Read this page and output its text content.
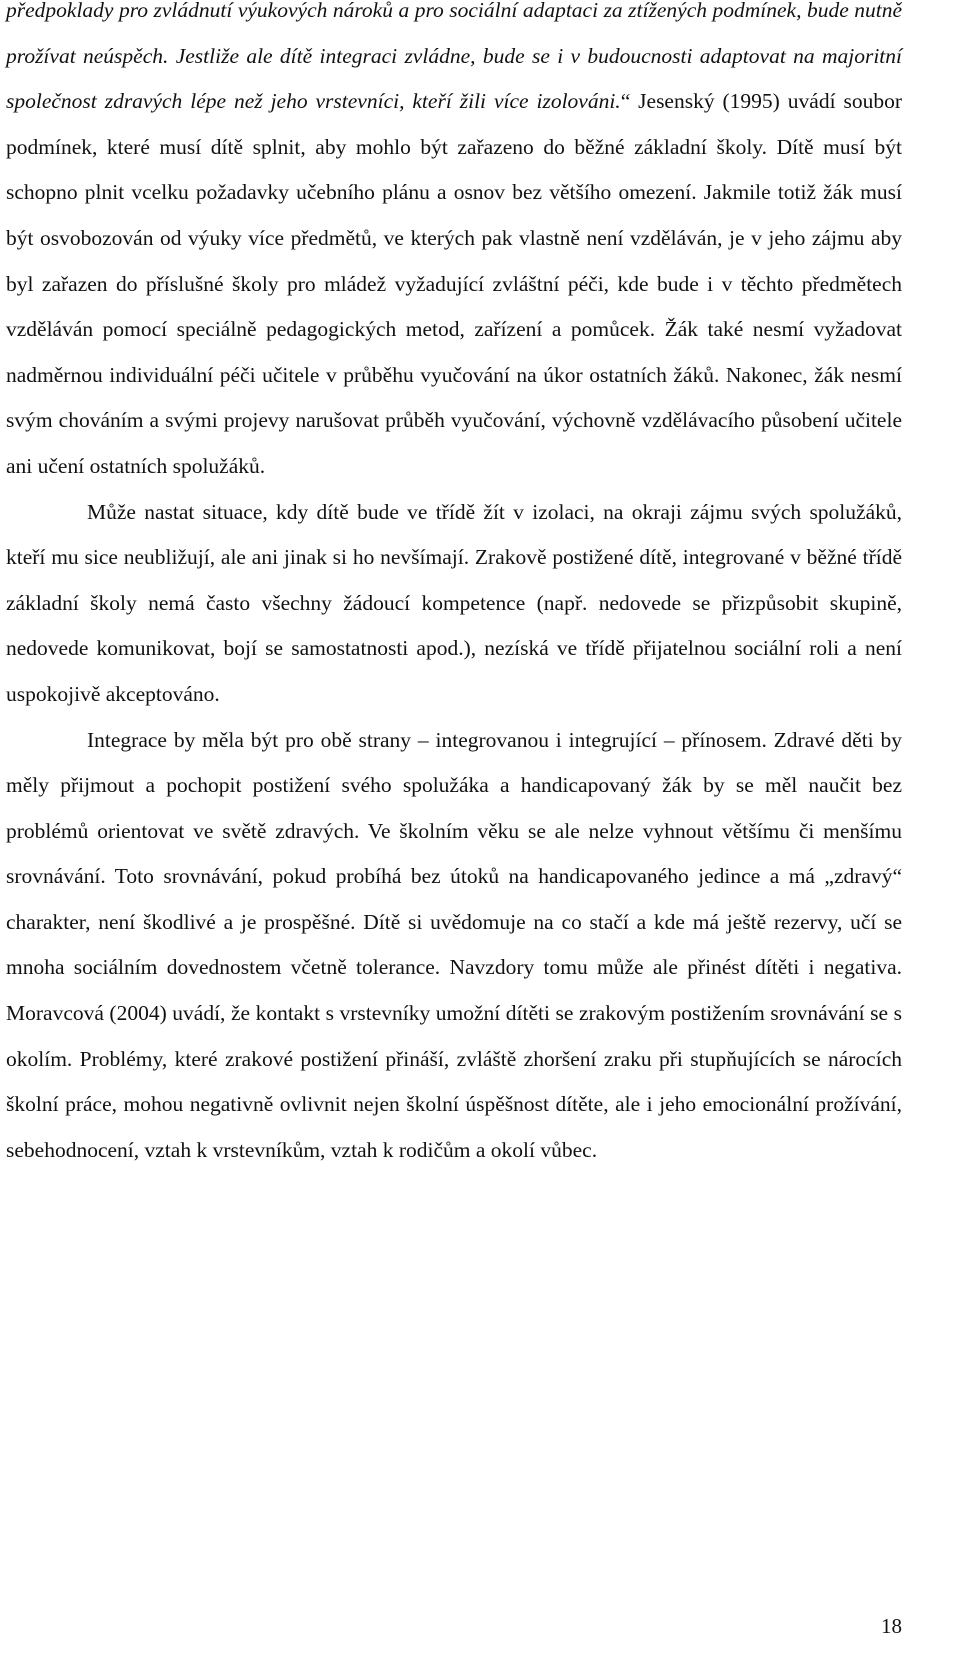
předpoklady pro zvládnutí výukových nároků a pro sociální adaptaci za ztížených podmínek, bude nutně prožívat neúspěch. Jestliže ale dítě integraci zvládne, bude se i v budoucnosti adaptovat na majoritní společnost zdravých lépe než jeho vrstevníci, kteří žili více izolováni.“ Jesenský (1995) uvádí soubor podmínek, které musí dítě splnit, aby mohlo být zařazeno do běžné základní školy. Dítě musí být schopno plnit vcelku požadavky učebního plánu a osnov bez většího omezení. Jakmile totiž žák musí být osvobozován od výuky více předmětů, ve kterých pak vlastně není vzděláván, je v jeho zájmu aby byl zařazen do příslušné školy pro mládež vyžadující zvláštní péči, kde bude i v těchto předmětech vzděláván pomocí speciálně pedagogických metod, zařízení a pomůcek. Žák také nesmí vyžadovat nadměrnou individuální péči učitele v průběhu vyučování na úkor ostatních žáků. Nakonec, žák nesmí svým chováním a svými projevy narušovat průběh vyučování, výchovně vzdělávacího působení učitele ani učení ostatních spolužáků.

Může nastat situace, kdy dítě bude ve třídě žít v izolaci, na okraji zájmu svých spolužáků, kteří mu sice neubližují, ale ani jinak si ho nevšímají. Zrakově postižené dítě, integrované v běžné třídě základní školy nemá často všechny žádoucí kompetence (např. nedovede se přizpůsobit skupině, nedovede komunikovat, bojí se samostatnosti apod.), nezíská ve třídě přijatelnou sociální roli a není uspokojivě akceptováno.

Integrace by měla být pro obě strany – integrovanou i integrující – přínosem. Zdravé děti by měly přijmout a pochopit postižení svého spolužáka a handicapovaný žák by se měl naučit bez problémů orientovat ve světě zdravých. Ve školním věku se ale nelze vyhnout většímu či menšímu srovnávání. Toto srovnávání, pokud probíhá bez útoků na handicapovaného jedince a má „zdravý“ charakter, není škodlivé a je prospěšné. Dítě si uvědomuje na co stačí a kde má ještě rezervy, učí se mnoha sociálním dovednostem včetně tolerance. Navzdory tomu může ale přinést dítěti i negativa. Moravcová (2004) uvádí, že kontakt s vrstevníky umožní dítěti se zrakovým postižením srovnávání se s okolím. Problémy, které zrakové postižení přináší, zvláště zhoršení zraku při stupňujících se nárocích školní práce, mohou negativně ovlivnit nejen školní úspěšnost dítěte, ale i jeho emocionální prožívání, sebehodnocení, vztah k vrstevníkům, vztah k rodičům a okolí vůbec.

18
